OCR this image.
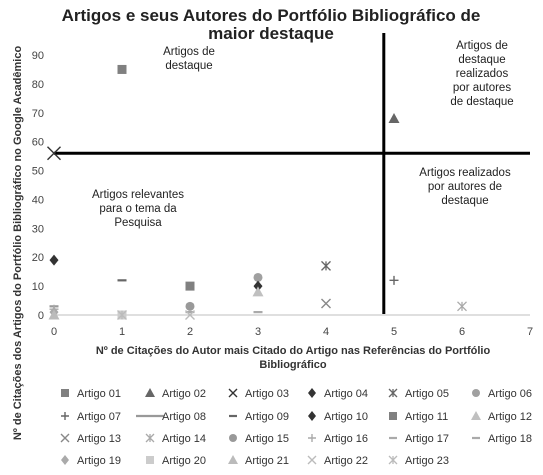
Artigos e seus Autores do Portfólio Bibliográfico de
maior destaque
Nº de Citações dos Artigos do Portfólio Bibliográfico no Google Acadêmico 0
10
20
30
40
50
60
70
80
90
0	1	2	3	4	5	6	7
Artigos de
destaque
Artigos de
destaque
realizados
por autores
de destaque
Artigos relevantes
para o tema da
Pesquisa
Artigos realizados
por autores de
destaque
Nº de Citações do Autor mais Citado do Artigo nas Referências do Portfólio
Bibliográfico
Artigo 01	Artigo 02	Artigo 03	Artigo 04	Artigo 05	Artigo 06
Artigo 07	Artigo 08	Artigo 09	Artigo 10	Artigo 11	Artigo 12
Artigo 13	Artigo 14	Artigo 15	Artigo 16	Artigo 17	Artigo 18
Artigo 19	Artigo 20	Artigo 21	Artigo 22	Artigo 23
